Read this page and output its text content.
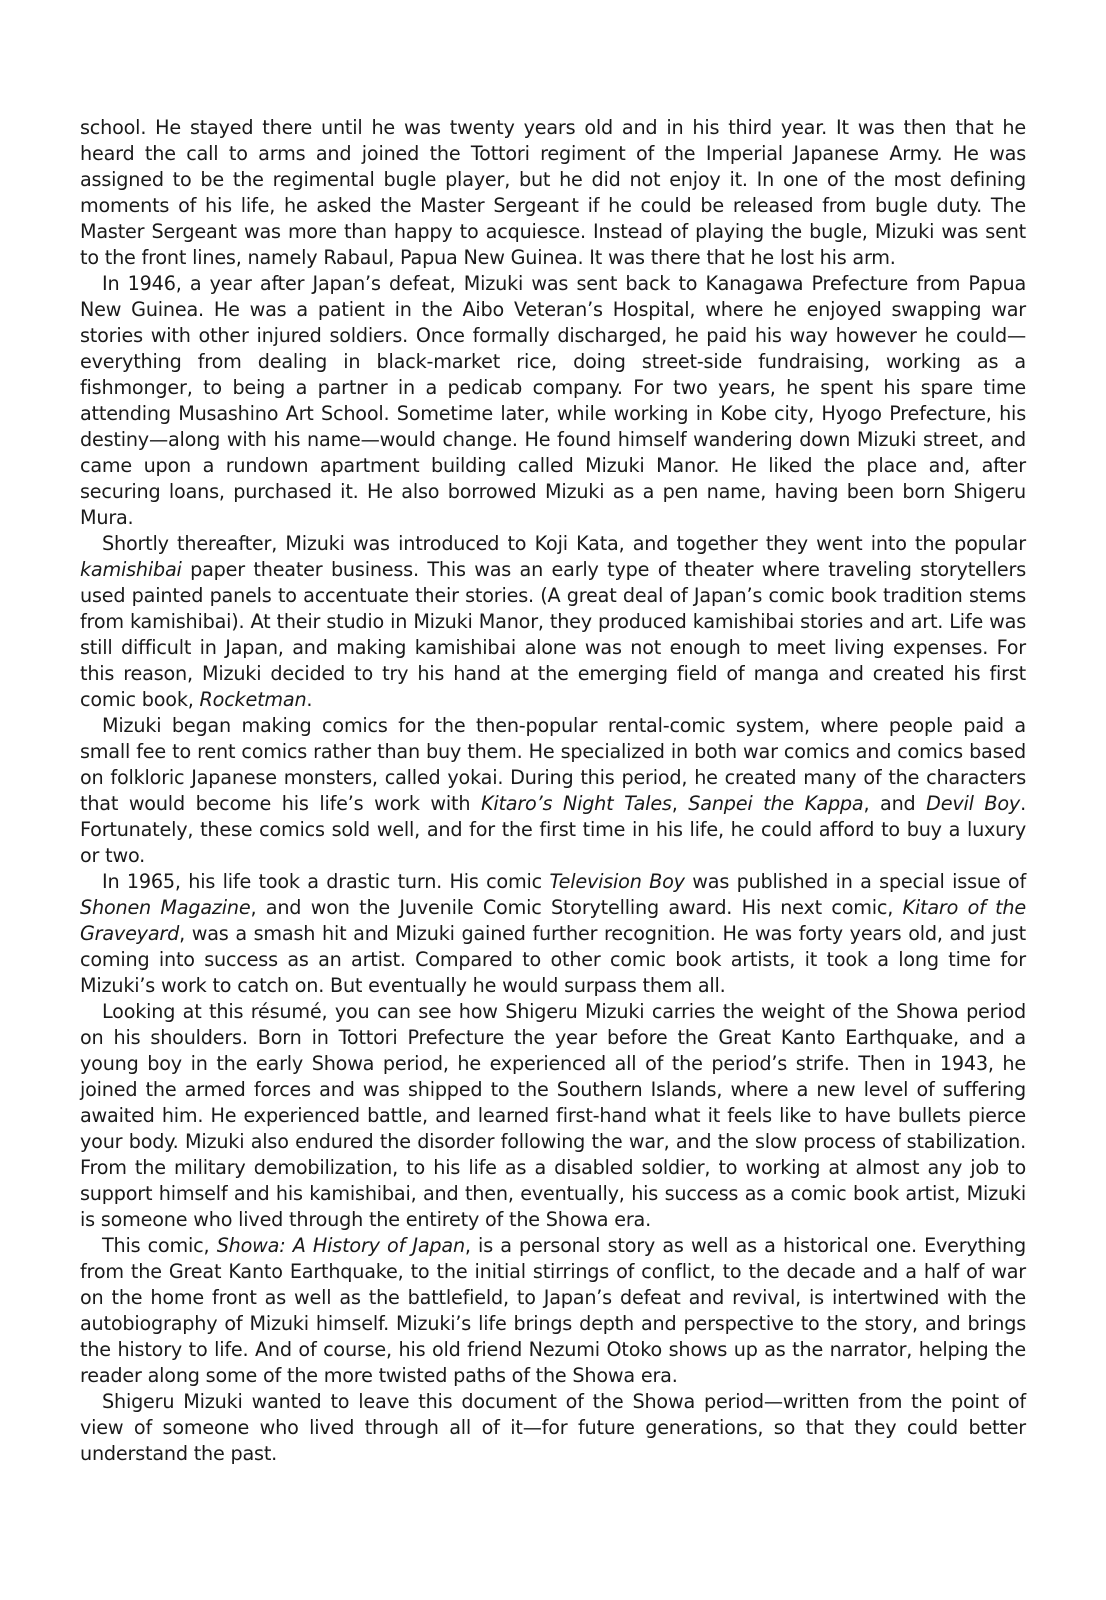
school. He stayed there until he was twenty years old and in his third year. It was then that he heard the call to arms and joined the Tottori regiment of the Imperial Japanese Army. He was assigned to be the regimental bugle player, but he did not enjoy it. In one of the most defining moments of his life, he asked the Master Sergeant if he could be released from bugle duty. The Master Sergeant was more than happy to acquiesce. Instead of playing the bugle, Mizuki was sent to the front lines, namely Rabaul, Papua New Guinea. It was there that he lost his arm.

In 1946, a year after Japan’s defeat, Mizuki was sent back to Kanagawa Prefecture from Papua New Guinea. He was a patient in the Aibo Veteran’s Hospital, where he enjoyed swapping war stories with other injured soldiers. Once formally discharged, he paid his way however he could—everything from dealing in black-market rice, doing street-side fundraising, working as a fishmonger, to being a partner in a pedicab company. For two years, he spent his spare time attending Musashino Art School. Sometime later, while working in Kobe city, Hyogo Prefecture, his destiny—along with his name—would change. He found himself wandering down Mizuki street, and came upon a rundown apartment building called Mizuki Manor. He liked the place and, after securing loans, purchased it. He also borrowed Mizuki as a pen name, having been born Shigeru Mura.

Shortly thereafter, Mizuki was introduced to Koji Kata, and together they went into the popular kamishibai paper theater business. This was an early type of theater where traveling storytellers used painted panels to accentuate their stories. (A great deal of Japan’s comic book tradition stems from kamishibai). At their studio in Mizuki Manor, they produced kamishibai stories and art. Life was still difficult in Japan, and making kamishibai alone was not enough to meet living expenses. For this reason, Mizuki decided to try his hand at the emerging field of manga and created his first comic book, Rocketman.

Mizuki began making comics for the then-popular rental-comic system, where people paid a small fee to rent comics rather than buy them. He specialized in both war comics and comics based on folkloric Japanese monsters, called yokai. During this period, he created many of the characters that would become his life’s work with Kitaro’s Night Tales, Sanpei the Kappa, and Devil Boy. Fortunately, these comics sold well, and for the first time in his life, he could afford to buy a luxury or two.

In 1965, his life took a drastic turn. His comic Television Boy was published in a special issue of Shonen Magazine, and won the Juvenile Comic Storytelling award. His next comic, Kitaro of the Graveyard, was a smash hit and Mizuki gained further recognition. He was forty years old, and just coming into success as an artist. Compared to other comic book artists, it took a long time for Mizuki’s work to catch on. But eventually he would surpass them all.

Looking at this résumé, you can see how Shigeru Mizuki carries the weight of the Showa period on his shoulders. Born in Tottori Prefecture the year before the Great Kanto Earthquake, and a young boy in the early Showa period, he experienced all of the period’s strife. Then in 1943, he joined the armed forces and was shipped to the Southern Islands, where a new level of suffering awaited him. He experienced battle, and learned first-hand what it feels like to have bullets pierce your body. Mizuki also endured the disorder following the war, and the slow process of stabilization. From the military demobilization, to his life as a disabled soldier, to working at almost any job to support himself and his kamishibai, and then, eventually, his success as a comic book artist, Mizuki is someone who lived through the entirety of the Showa era.

This comic, Showa: A History of Japan, is a personal story as well as a historical one. Everything from the Great Kanto Earthquake, to the initial stirrings of conflict, to the decade and a half of war on the home front as well as the battlefield, to Japan’s defeat and revival, is intertwined with the autobiography of Mizuki himself. Mizuki’s life brings depth and perspective to the story, and brings the history to life. And of course, his old friend Nezumi Otoko shows up as the narrator, helping the reader along some of the more twisted paths of the Showa era.

Shigeru Mizuki wanted to leave this document of the Showa period—written from the point of view of someone who lived through all of it—for future generations, so that they could better understand the past.
